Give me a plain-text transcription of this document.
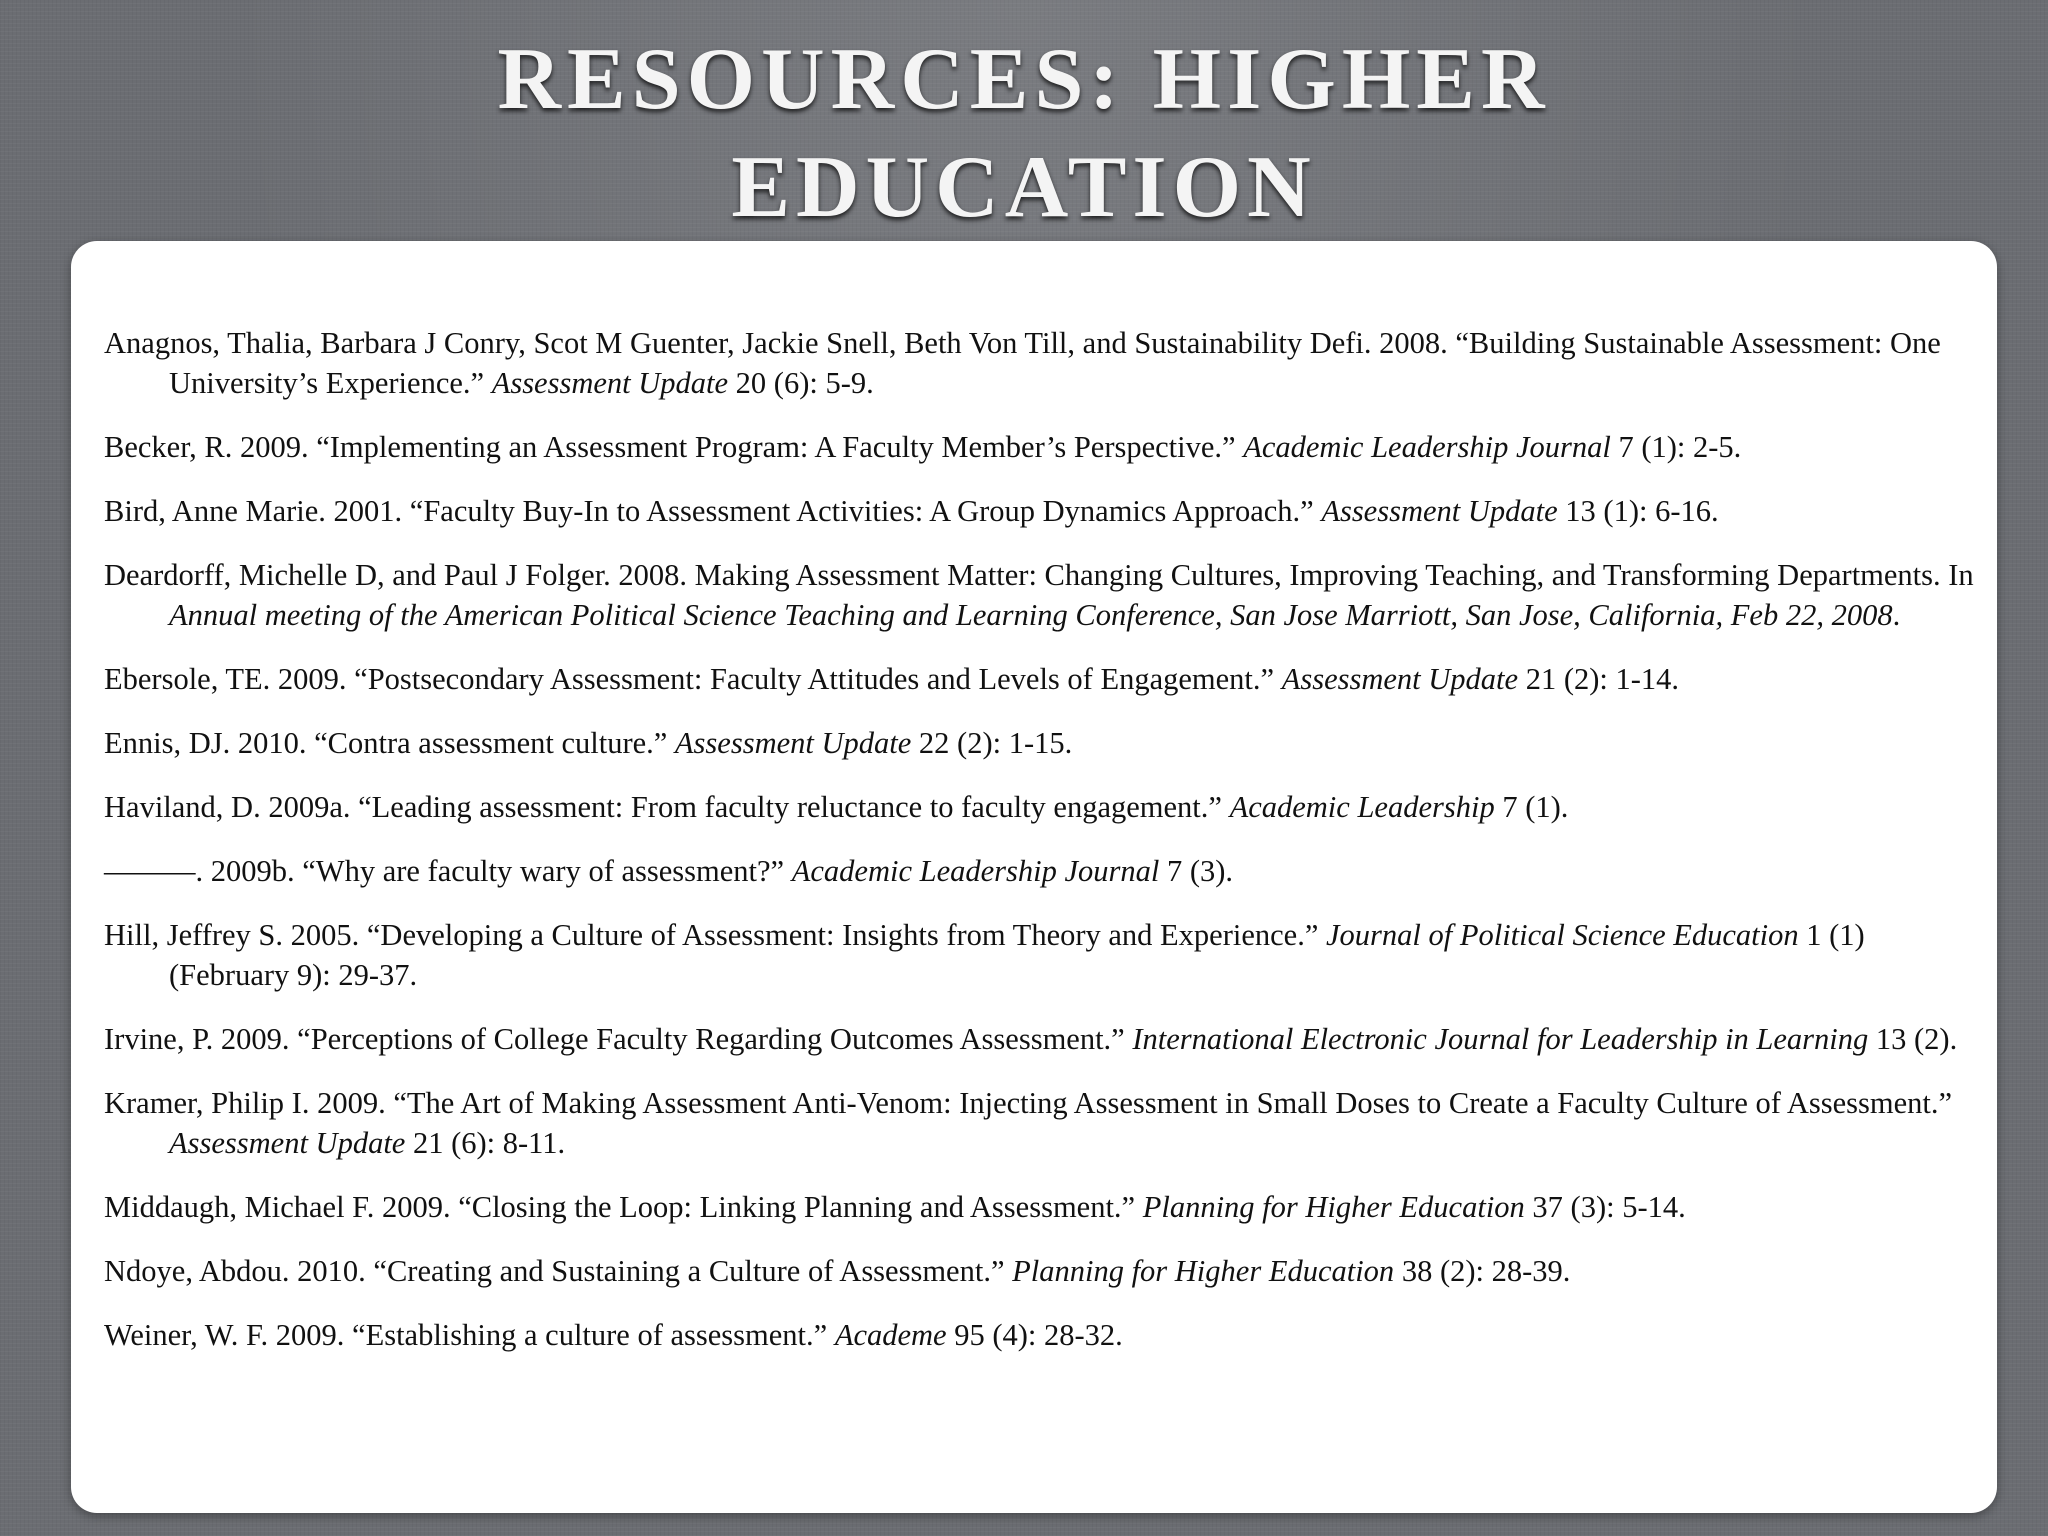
RESOURCES: HIGHER
EDUCATION
Anagnos, Thalia, Barbara J Conry, Scot M Guenter, Jackie Snell, Beth Von Till, and Sustainability Defi. 2008. “Building Sustainable Assessment: One University’s Experience.” Assessment Update 20 (6): 5-9.
Becker, R. 2009. “Implementing an Assessment Program: A Faculty Member’s Perspective.” Academic Leadership Journal 7 (1): 2-5.
Bird, Anne Marie. 2001. “Faculty Buy-In to Assessment Activities: A Group Dynamics Approach.” Assessment Update 13 (1): 6-16.
Deardorff, Michelle D, and Paul J Folger. 2008. Making Assessment Matter: Changing Cultures, Improving Teaching, and Transforming Departments. In Annual meeting of the American Political Science Teaching and Learning Conference, San Jose Marriott, San Jose, California, Feb 22, 2008.
Ebersole, TE. 2009. “Postsecondary Assessment: Faculty Attitudes and Levels of Engagement.” Assessment Update 21 (2): 1-14.
Ennis, DJ. 2010. “Contra assessment culture.” Assessment Update 22 (2): 1-15.
Haviland, D. 2009a. “Leading assessment: From faculty reluctance to faculty engagement.” Academic Leadership 7 (1).
———. 2009b. “Why are faculty wary of assessment?” Academic Leadership Journal 7 (3).
Hill, Jeffrey S. 2005. “Developing a Culture of Assessment: Insights from Theory and Experience.” Journal of Political Science Education 1 (1) (February 9): 29-37.
Irvine, P. 2009. “Perceptions of College Faculty Regarding Outcomes Assessment.” International Electronic Journal for Leadership in Learning 13 (2).
Kramer, Philip I. 2009. “The Art of Making Assessment Anti-Venom: Injecting Assessment in Small Doses to Create a Faculty Culture of Assessment.” Assessment Update 21 (6): 8-11.
Middaugh, Michael F. 2009. “Closing the Loop: Linking Planning and Assessment.” Planning for Higher Education 37 (3): 5-14.
Ndoye, Abdou. 2010. “Creating and Sustaining a Culture of Assessment.” Planning for Higher Education 38 (2): 28-39.
Weiner, W. F. 2009. “Establishing a culture of assessment.” Academe 95 (4): 28-32.
